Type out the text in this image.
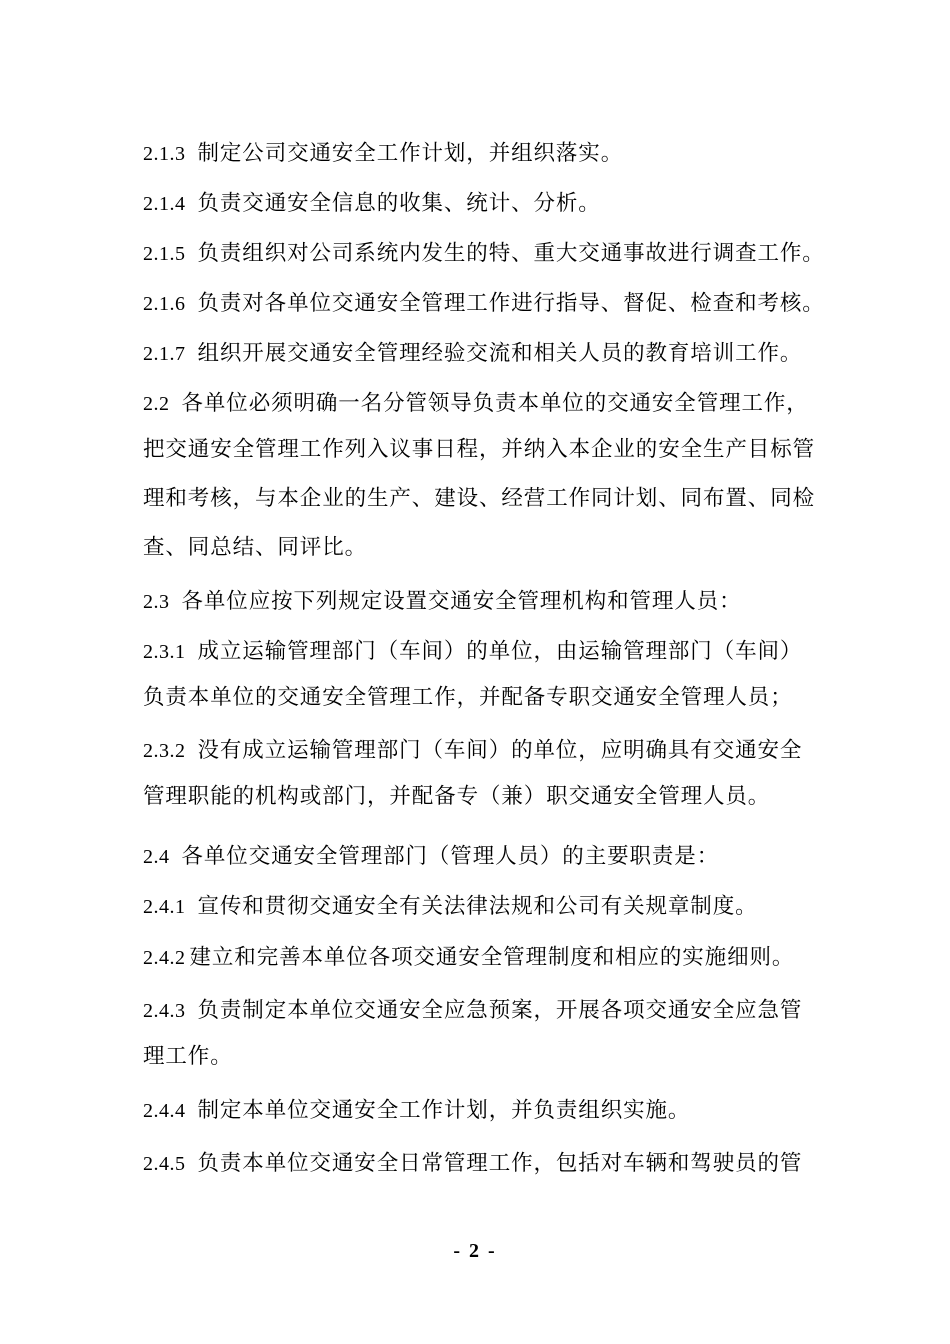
2.1.3 制定公司交通安全工作计划，并组织落实。
2.1.4 负责交通安全信息的收集、统计、分析。
2.1.5 负责组织对公司系统内发生的特、重大交通事故进行调查工作。
2.1.6 负责对各单位交通安全管理工作进行指导、督促、检查和考核。
2.1.7 组织开展交通安全管理经验交流和相关人员的教育培训工作。
2.2 各单位必须明确一名分管领导负责本单位的交通安全管理工作，
把交通安全管理工作列入议事日程，并纳入本企业的安全生产目标管
理和考核，与本企业的生产、建设、经营工作同计划、同布置、同检
查、同总结、同评比。
2.3 各单位应按下列规定设置交通安全管理机构和管理人员：
2.3.1 成立运输管理部门（车间）的单位，由运输管理部门（车间）
负责本单位的交通安全管理工作，并配备专职交通安全管理人员；
2.3.2 没有成立运输管理部门（车间）的单位，应明确具有交通安全
管理职能的机构或部门，并配备专（兼）职交通安全管理人员。
2.4 各单位交通安全管理部门（管理人员）的主要职责是：
2.4.1 宣传和贯彻交通安全有关法律法规和公司有关规章制度。
2.4.2 建立和完善本单位各项交通安全管理制度和相应的实施细则。
2.4.3 负责制定本单位交通安全应急预案，开展各项交通安全应急管
理工作。
2.4.4 制定本单位交通安全工作计划，并负责组织实施。
2.4.5 负责本单位交通安全日常管理工作，包括对车辆和驾驶员的管
- 2 -
